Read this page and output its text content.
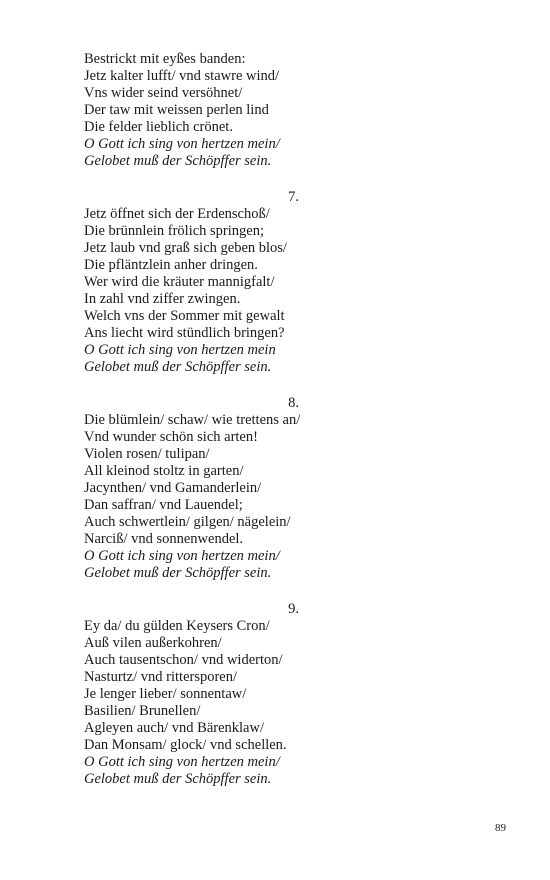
Bestrickt mit eyßes banden:

Jetz kalter lufft/ vnd stawre wind/

Vns wider seind versöhnet/

Der taw mit weissen perlen lind

Die felder lieblich crönet.

O Gott ich sing von hertzen mein/

Gelobet muß der Schöpffer sein.

7.

Jetz öffnet sich der Erdenschoß/

Die brünnlein frölich springen;

Jetz laub vnd graß sich geben blos/

Die pfläntzlein anher dringen.

Wer wird die kräuter mannigfalt/

In zahl vnd ziffer zwingen.

Welch vns der Sommer mit gewalt

Ans liecht wird stündlich bringen?

O Gott ich sing von hertzen mein

Gelobet muß der Schöpffer sein.

8.

Die blümlein/ schaw/ wie trettens an/

Vnd wunder schön sich arten!

Violen rosen/ tulipan/

All kleinod stoltz in garten/

Jacynthen/ vnd Gamanderlein/

Dan saffran/ vnd Lauendel;

Auch schwertlein/ gilgen/ nägelein/

Narciß/ vnd sonnenwendel.

O Gott ich sing von hertzen mein/

Gelobet muß der Schöpffer sein.

9.

Ey da/ du gülden Keysers Cron/

Auß vilen außerkohren/

Auch tausentschon/ vnd widerton/

Nasturtz/ vnd rittersporen/

Je lenger lieber/ sonnentaw/

Basilien/ Brunellen/

Agleyen auch/ vnd Bärenklaw/

Dan Monsam/ glock/ vnd schellen.

O Gott ich sing von hertzen mein/

Gelobet muß der Schöpffer sein.

89
